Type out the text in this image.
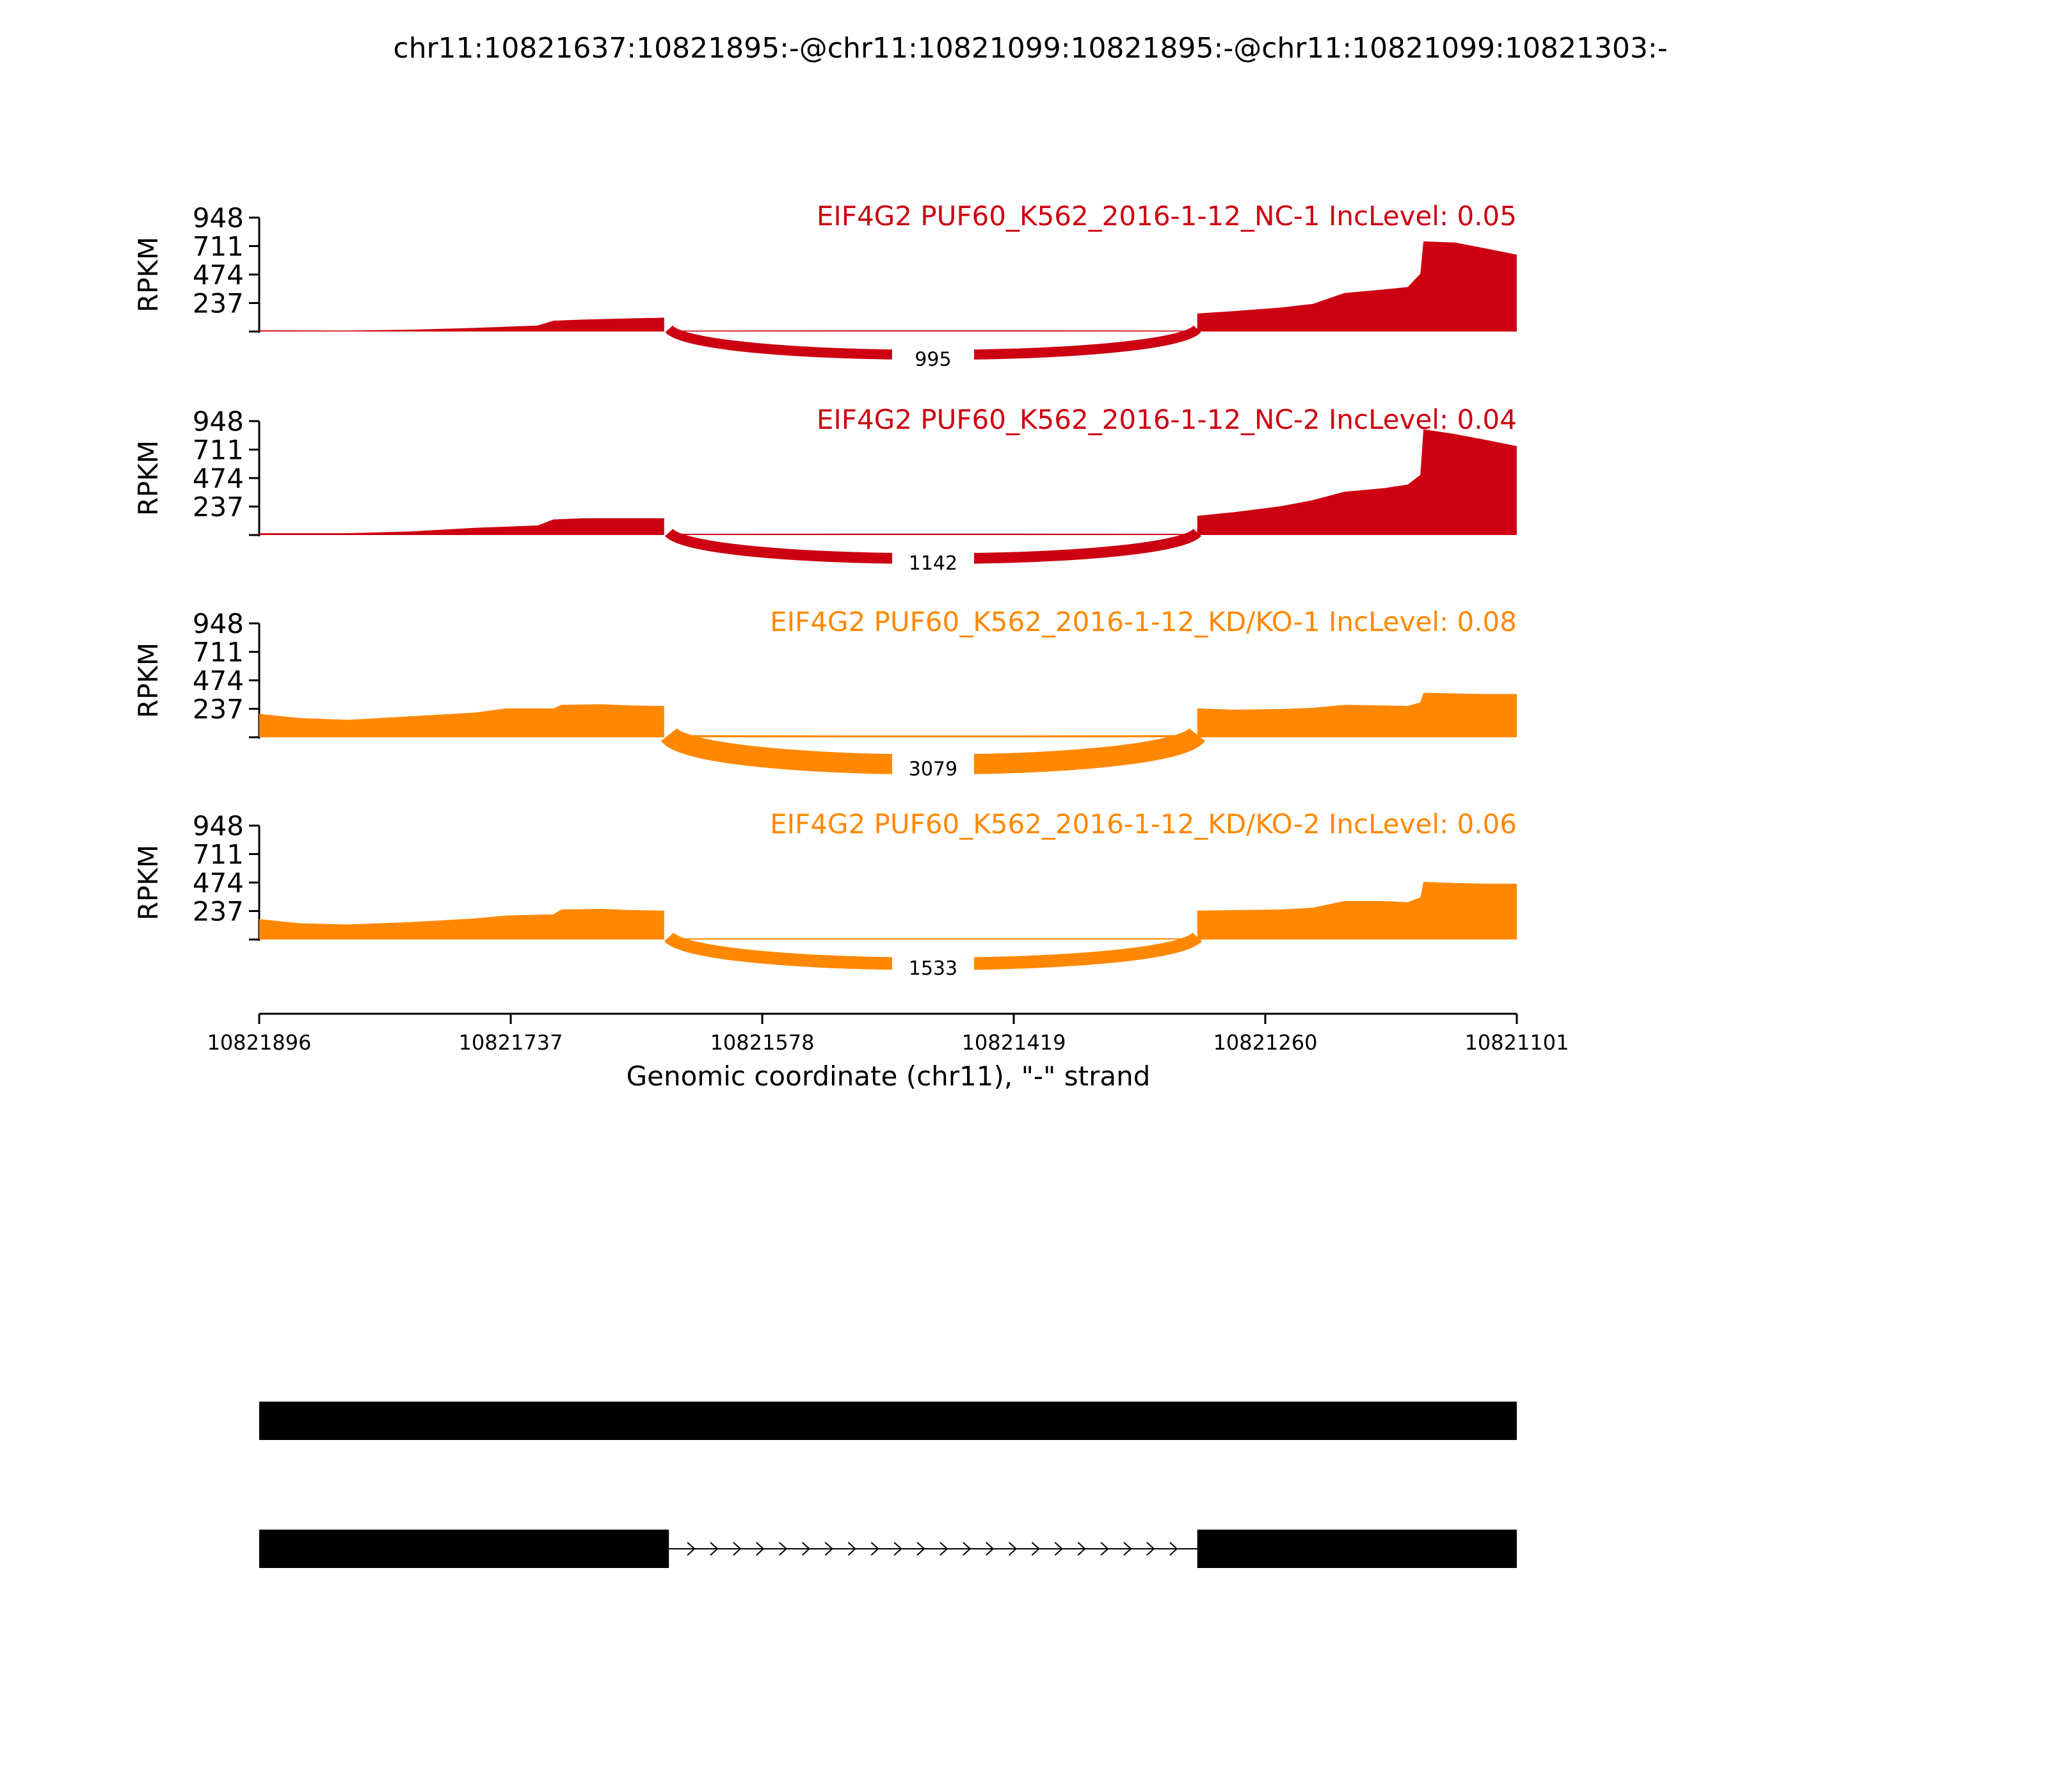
chr11:10821637:10821895:-@chr11:10821099:10821895:-@chr11:10821099:10821303:-
237
474
711
948
RPKM
995
EIF4G2 PUF60_K562_2016-1-12_NC-1 IncLevel: 0.05
237
474
711
948
RPKM
1142
EIF4G2 PUF60_K562_2016-1-12_NC-2 IncLevel: 0.04
237
474
711
948
RPKM
3079
EIF4G2 PUF60_K562_2016-1-12_KD/KO-1 IncLevel: 0.08
237
474
711
948
RPKM
1533
EIF4G2 PUF60_K562_2016-1-12_KD/KO-2 IncLevel: 0.06
10821896	10821737	10821578	10821419	10821260	10821101
Genomic coordinate (chr11), "-" strand
